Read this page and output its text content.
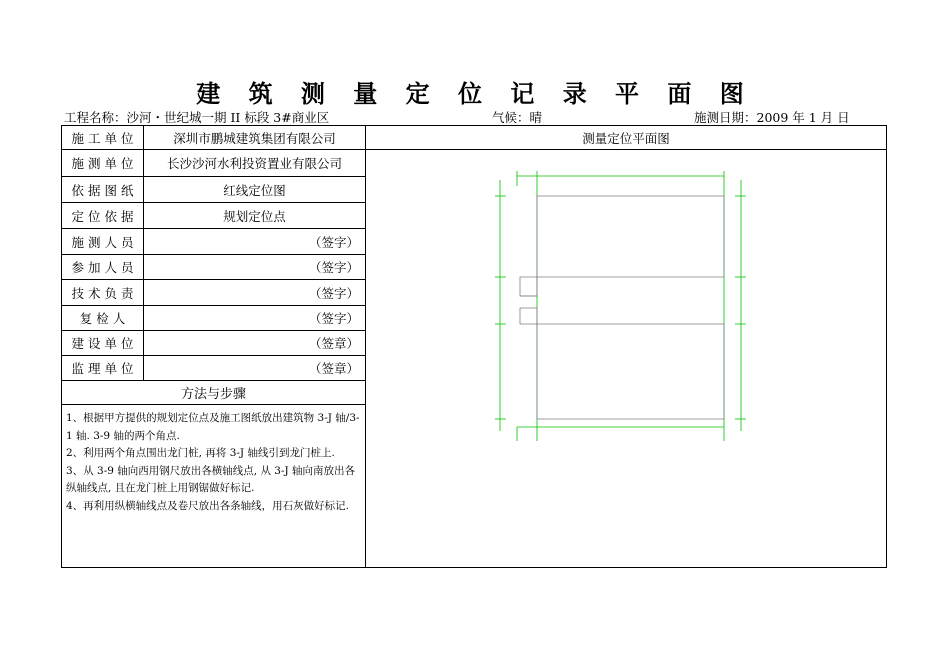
建 筑 测 量 定 位 记 录 平 面 图
工程名称：沙河・世纪城一期 II 标段 3#商业区	气候：晴	施测日期：2009 年 1 月 日
施 工 单 位	深圳市鹏城建筑集团有限公司
施 测 单 位	长沙沙河水利投资置业有限公司
依 据 图 纸	红线定位图
定 位 依 据	规划定位点
施 测 人 员	（签字）
参 加 人 员	（签字）
技 术 负 责	（签字）
复 检 人	（签字）
建 设 单 位	（签章）
监 理 单 位	（签章）
方法与步骤

1、根据甲方提供的规划定位点及施工图纸放出建筑物 3-J 轴/3-1 轴. 3-9 轴的两个角点.

2、利用两个角点围出龙门桩, 再将 3-J 轴线引到龙门桩上.

3、从 3-9 轴向西用钢尺放出各横轴线点, 从 3-J 轴向南放出各纵轴线点, 且在龙门桩上用钢锯做好标记.

4、再利用纵横轴线点及卷尺放出各条轴线，用石灰做好标记.

测量定位平面图
